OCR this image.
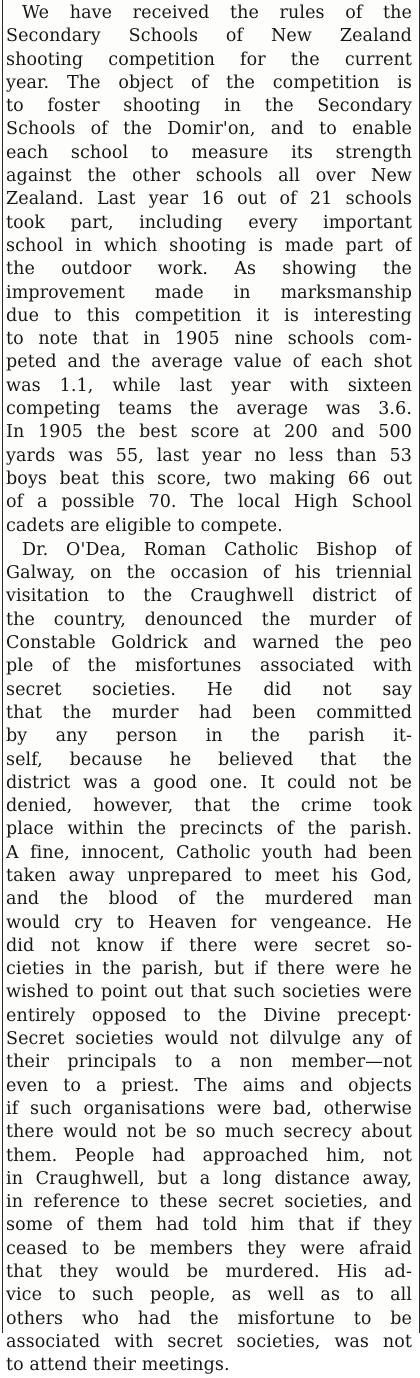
We have received the rules of the
Secondary Schools of New Zealand
shooting competition for the current
year. The object of the competition is
to foster shooting in the Secondary
Schools of the Domir'on, and to enable
each school to measure its strength
against the other schools all over New
Zealand. Last year 16 out of 21 schools
took part, including every important
school in which shooting is made part of
the outdoor work. As showing the
improvement made in marksmanship
due to this competition it is interesting
to note that in 1905 nine schools com-
peted and the average value of each shot
was 1.1, while last year with sixteen
competing teams the average was 3.6.
In 1905 the best score at 200 and 500
yards was 55, last year no less than 53
boys beat this score, two making 66 out
of a possible 70. The local High School
cadets are eligible to compete.
Dr. O'Dea, Roman Catholic Bishop of
Galway, on the occasion of his triennial
visitation to the Craughwell district of
the country, denounced the murder of
Constable Goldrick and warned the peo
ple of the misfortunes associated with
secret societies. He did not say
that the murder had been committed
by any person in the parish it-
self, because he believed that the
district was a good one. It could not be
denied, however, that the crime took
place within the precincts of the parish.
A fine, innocent, Catholic youth had been
taken away unprepared to meet his God,
and the blood of the murdered man
would cry to Heaven for vengeance. He
did not know if there were secret so-
cieties in the parish, but if there were he
wished to point out that such societies were
entirely opposed to the Divine precept·
Secret societies would not dilvulge any of
their principals to a non member—not
even to a priest. The aims and objects
if such organisations were bad, otherwise
there would not be so much secrecy about
them. People had approached him, not
in Craughwell, but a long distance away,
in reference to these secret societies, and
some of them had told him that if they
ceased to be members they were afraid
that they would be murdered. His ad-
vice to such people, as well as to all
others who had the misfortune to be
associated with secret societies, was not
to attend their meetings.
